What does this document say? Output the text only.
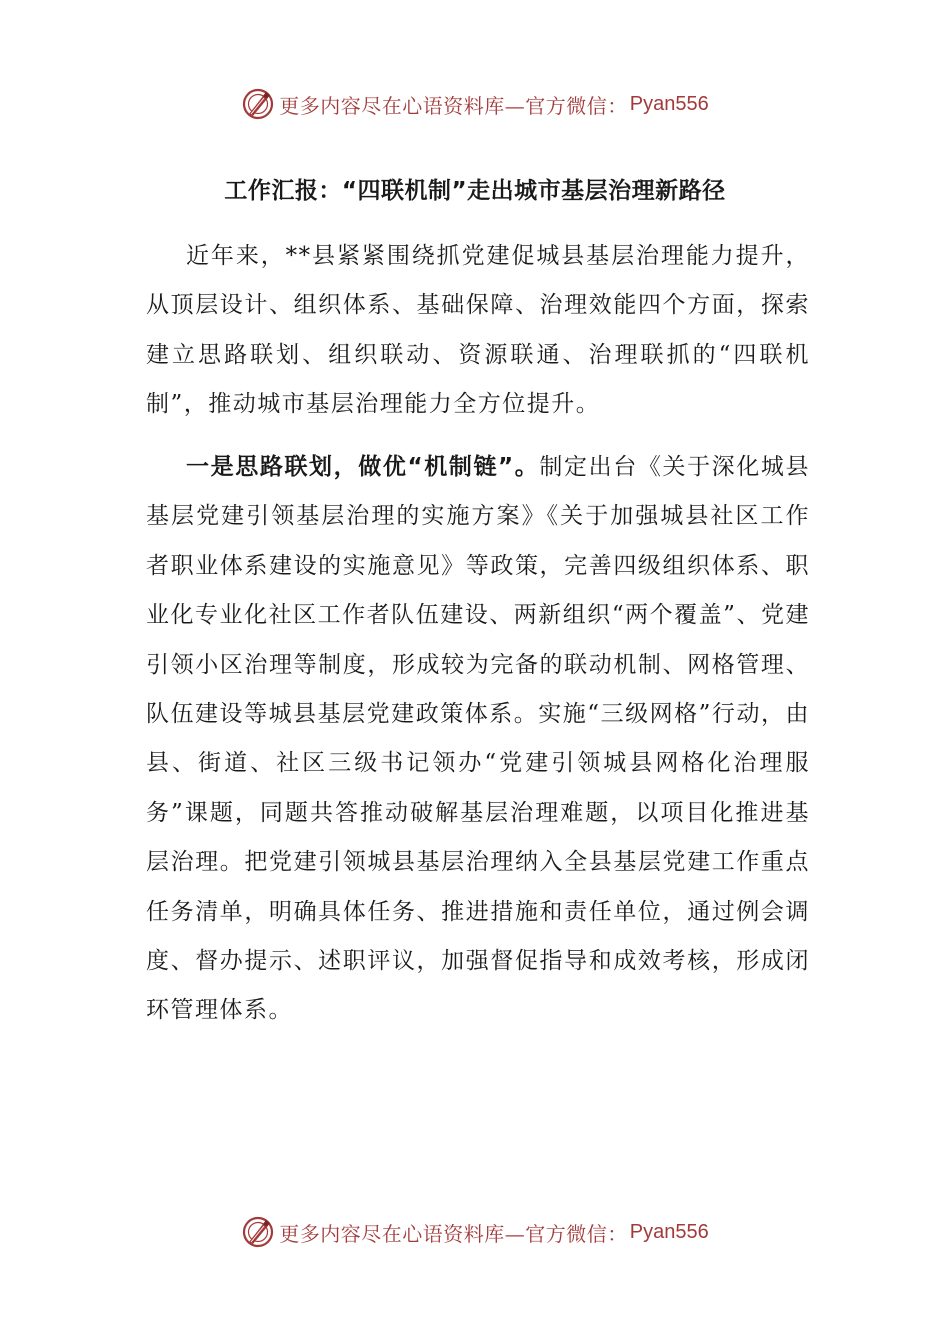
更多内容尽在心语资料库—官方微信： Pyan556
工作汇报：“四联机制”走出城市基层治理新路径

近年来，**县紧紧围绕抓党建促城县基层治理能力提升，从顶层设计、组织体系、基础保障、治理效能四个方面，探索建立思路联划、组织联动、资源联通、治理联抓的“四联机制”，推动城市基层治理能力全方位提升。

一是思路联划，做优“机制链”。制定出台《关于深化城县基层党建引领基层治理的实施方案》《关于加强城县社区工作者职业体系建设的实施意见》等政策，完善四级组织体系、职业化专业化社区工作者队伍建设、两新组织“两个覆盖”、党建引领小区治理等制度，形成较为完备的联动机制、网格管理、队伍建设等城县基层党建政策体系。实施“三级网格”行动，由县、街道、社区三级书记领办“党建引领城县网格化治理服务”课题，同题共答推动破解基层治理难题，以项目化推进基层治理。把党建引领城县基层治理纳入全县基层党建工作重点任务清单，明确具体任务、推进措施和责任单位，通过例会调度、督办提示、述职评议，加强督促指导和成效考核，形成闭环管理体系。

更多内容尽在心语资料库—官方微信： Pyan556
